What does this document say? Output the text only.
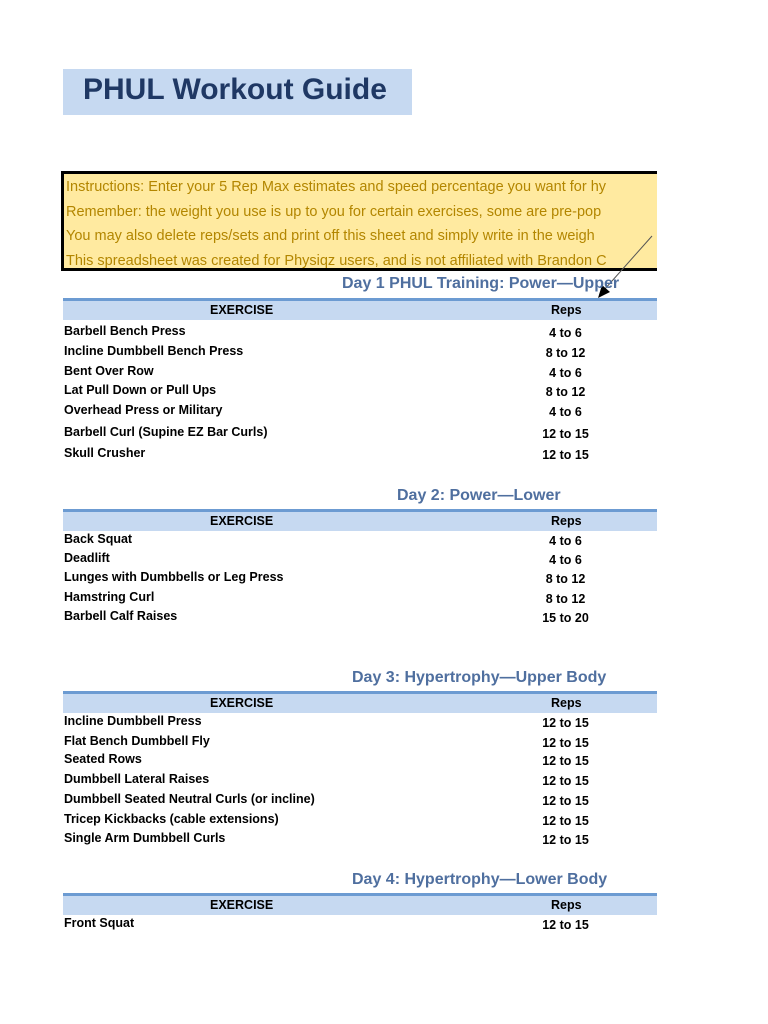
PHUL Workout Guide
Instructions: Enter your 5 Rep Max estimates and speed percentage you want for hy
Remember: the weight you use is up to you for certain exercises, some are pre-pop
You may also delete reps/sets and print off this sheet and simply write in the weigh
This spreadsheet was created for Physiqz users, and is not affiliated with Brandon C
Day 1 PHUL Training: Power—Upper
EXERCISE	Reps
Barbell Bench Press	4 to 6
Incline Dumbbell Bench Press	8 to 12
Bent Over Row	4 to 6
Lat Pull Down or Pull Ups	8 to 12
Overhead Press or Military	4 to 6
Barbell Curl (Supine EZ Bar Curls)	12 to 15
Skull Crusher	12 to 15
Day 2: Power—Lower
EXERCISE	Reps
Back Squat	4 to 6
Deadlift	4 to 6
Lunges with Dumbbells or Leg Press	8 to 12
Hamstring Curl	8 to 12
Barbell Calf Raises	15 to 20
Day 3: Hypertrophy—Upper Body
EXERCISE	Reps
Incline Dumbbell Press	12 to 15
Flat Bench Dumbbell Fly	12 to 15
Seated Rows	12 to 15
Dumbbell Lateral Raises	12 to 15
Dumbbell Seated Neutral Curls (or incline)	12 to 15
Tricep Kickbacks (cable extensions)	12 to 15
Single Arm Dumbbell Curls	12 to 15
Day 4: Hypertrophy—Lower Body
EXERCISE	Reps
Front Squat	12 to 15
